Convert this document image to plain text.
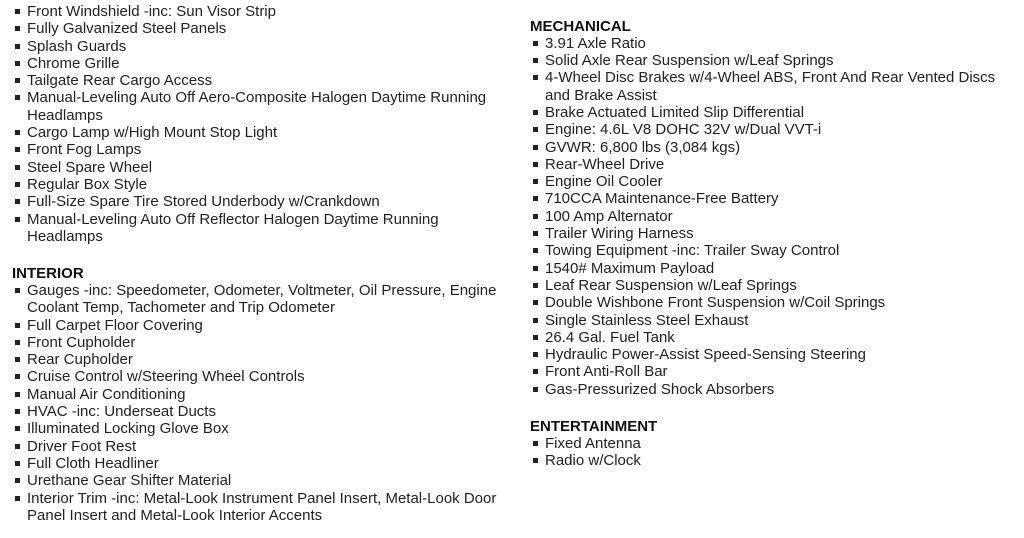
Front Windshield -inc: Sun Visor Strip
Fully Galvanized Steel Panels
Splash Guards
Chrome Grille
Tailgate Rear Cargo Access
Manual-Leveling Auto Off Aero-Composite Halogen Daytime Running Headlamps
Cargo Lamp w/High Mount Stop Light
Front Fog Lamps
Steel Spare Wheel
Regular Box Style
Full-Size Spare Tire Stored Underbody w/Crankdown
Manual-Leveling Auto Off Reflector Halogen Daytime Running Headlamps
INTERIOR
Gauges -inc: Speedometer, Odometer, Voltmeter, Oil Pressure, Engine Coolant Temp, Tachometer and Trip Odometer
Full Carpet Floor Covering
Front Cupholder
Rear Cupholder
Cruise Control w/Steering Wheel Controls
Manual Air Conditioning
HVAC -inc: Underseat Ducts
Illuminated Locking Glove Box
Driver Foot Rest
Full Cloth Headliner
Urethane Gear Shifter Material
Interior Trim -inc: Metal-Look Instrument Panel Insert, Metal-Look Door Panel Insert and Metal-Look Interior Accents
MECHANICAL
3.91 Axle Ratio
Solid Axle Rear Suspension w/Leaf Springs
4-Wheel Disc Brakes w/4-Wheel ABS, Front And Rear Vented Discs and Brake Assist
Brake Actuated Limited Slip Differential
Engine: 4.6L V8 DOHC 32V w/Dual VVT-i
GVWR: 6,800 lbs (3,084 kgs)
Rear-Wheel Drive
Engine Oil Cooler
710CCA Maintenance-Free Battery
100 Amp Alternator
Trailer Wiring Harness
Towing Equipment -inc: Trailer Sway Control
1540# Maximum Payload
Leaf Rear Suspension w/Leaf Springs
Double Wishbone Front Suspension w/Coil Springs
Single Stainless Steel Exhaust
26.4 Gal. Fuel Tank
Hydraulic Power-Assist Speed-Sensing Steering
Front Anti-Roll Bar
Gas-Pressurized Shock Absorbers
ENTERTAINMENT
Fixed Antenna
Radio w/Clock
